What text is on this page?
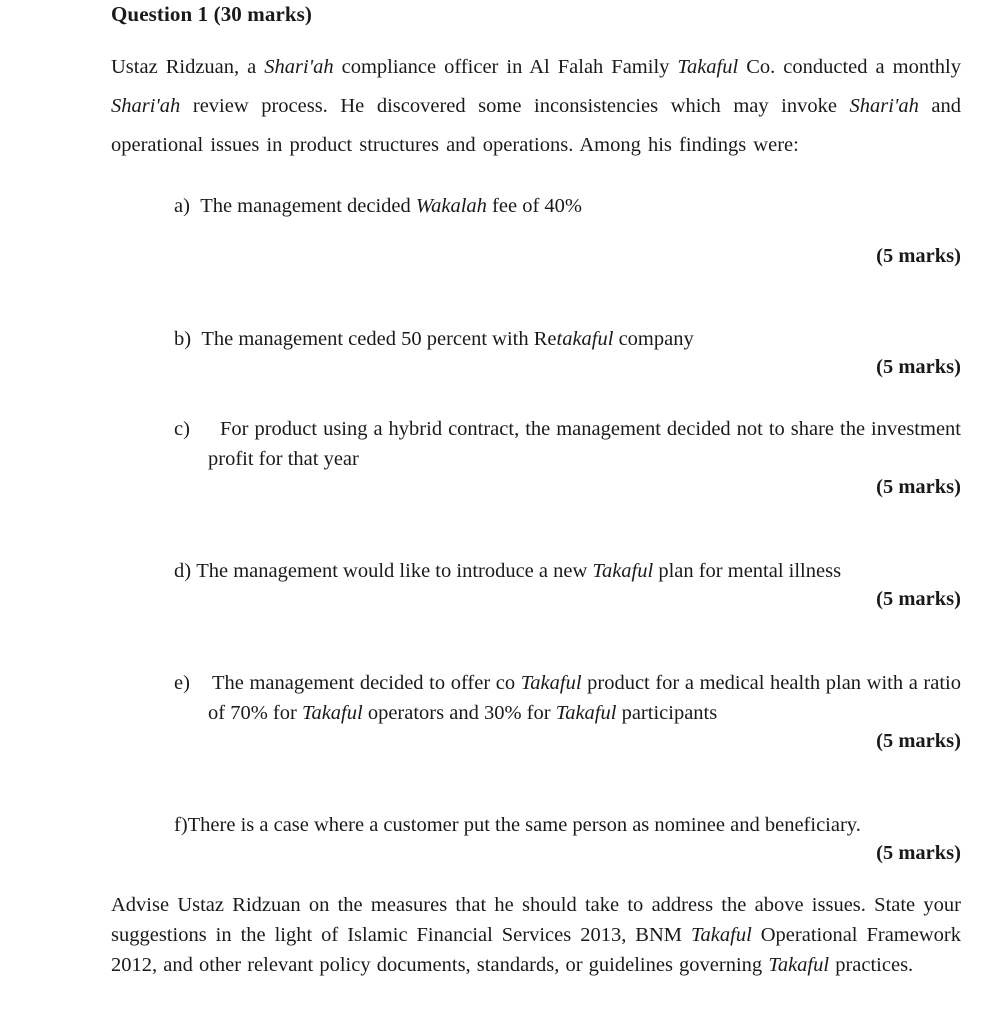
Question 1 (30 marks)
Ustaz Ridzuan, a Shari'ah compliance officer in Al Falah Family Takaful Co. conducted a monthly Shari'ah review process. He discovered some inconsistencies which may invoke Shari'ah and operational issues in product structures and operations. Among his findings were:
a) The management decided Wakalah fee of 40%
(5 marks)
b) The management ceded 50 percent with Retakaful company
(5 marks)
c)	For product using a hybrid contract, the management decided not to share the investment profit for that year
(5 marks)
d) The management would like to introduce a new Takaful plan for mental illness
(5 marks)
e)	The management decided to offer co Takaful product for a medical health plan with a ratio of 70% for Takaful operators and 30% for Takaful participants
(5 marks)
f)There is a case where a customer put the same person as nominee and beneficiary.
(5 marks)
Advise Ustaz Ridzuan on the measures that he should take to address the above issues. State your suggestions in the light of Islamic Financial Services 2013, BNM Takaful Operational Framework 2012, and other relevant policy documents, standards, or guidelines governing Takaful practices.
